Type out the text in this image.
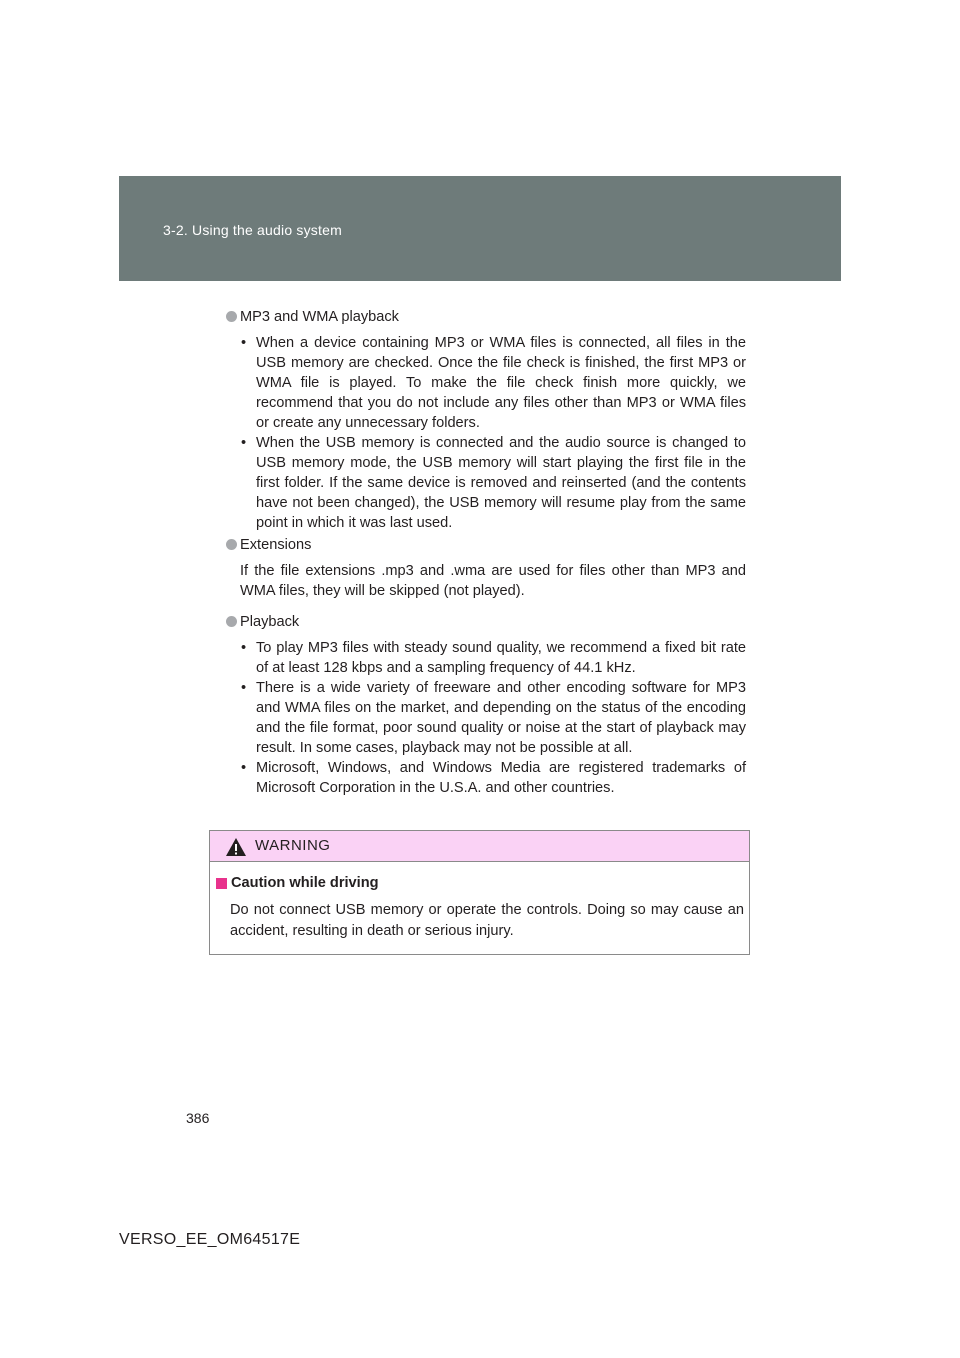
3-2. Using the audio system
MP3 and WMA playback
• When a device containing MP3 or WMA files is connected, all files in the USB memory are checked. Once the file check is finished, the first MP3 or WMA file is played. To make the file check finish more quickly, we recommend that you do not include any files other than MP3 or WMA files or create any unnecessary folders.
• When the USB memory is connected and the audio source is changed to USB memory mode, the USB memory will start playing the first file in the first folder. If the same device is removed and reinserted (and the contents have not been changed), the USB memory will resume play from the same point in which it was last used.
Extensions

If the file extensions .mp3 and .wma are used for files other than MP3 and WMA files, they will be skipped (not played).

Playback
• To play MP3 files with steady sound quality, we recommend a fixed bit rate of at least 128 kbps and a sampling frequency of 44.1 kHz.
• There is a wide variety of freeware and other encoding software for MP3 and WMA files on the market, and depending on the status of the encoding and the file format, poor sound quality or noise at the start of playback may result. In some cases, playback may not be possible at all.
• Microsoft, Windows, and Windows Media are registered trademarks of Microsoft Corporation in the U.S.A. and other countries.
WARNING
Caution while driving

Do not connect USB memory or operate the controls. Doing so may cause an accident, resulting in death or serious injury.

386
VERSO_EE_OM64517E
